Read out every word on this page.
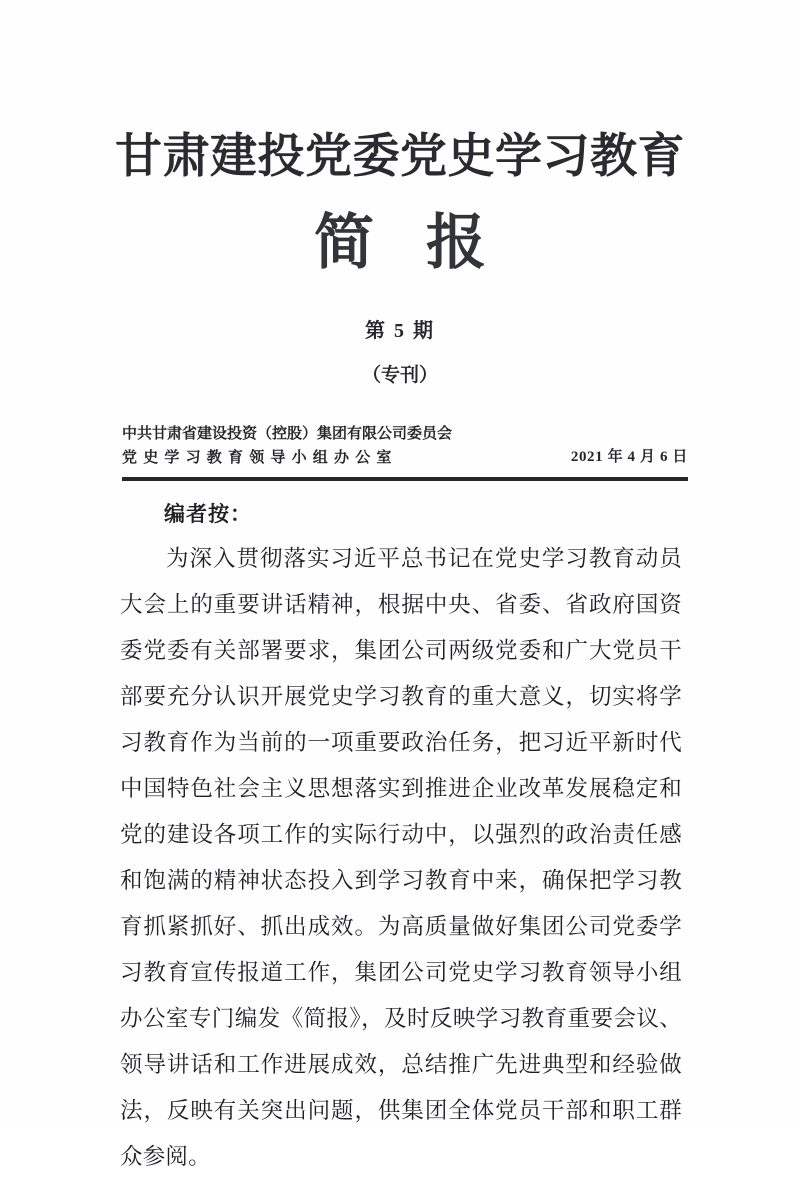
甘肃建投党委党史学习教育
简报
第 5 期
（专刊）
中共甘肃省建设投资（控股）集团有限公司委员会
党史学习教育领导小组办公室	2021 年 4 月 6 日
编者按：
为深入贯彻落实习近平总书记在党史学习教育动员大会上的重要讲话精神，根据中央、省委、省政府国资委党委有关部署要求，集团公司两级党委和广大党员干部要充分认识开展党史学习教育的重大意义，切实将学习教育作为当前的一项重要政治任务，把习近平新时代中国特色社会主义思想落实到推进企业改革发展稳定和党的建设各项工作的实际行动中，以强烈的政治责任感和饱满的精神状态投入到学习教育中来，确保把学习教育抓紧抓好、抓出成效。为高质量做好集团公司党委学习教育宣传报道工作，集团公司党史学习教育领导小组办公室专门编发《简报》，及时反映学习教育重要会议、领导讲话和工作进展成效，总结推广先进典型和经验做法，反映有关突出问题，供集团全体党员干部和职工群众参阅。
